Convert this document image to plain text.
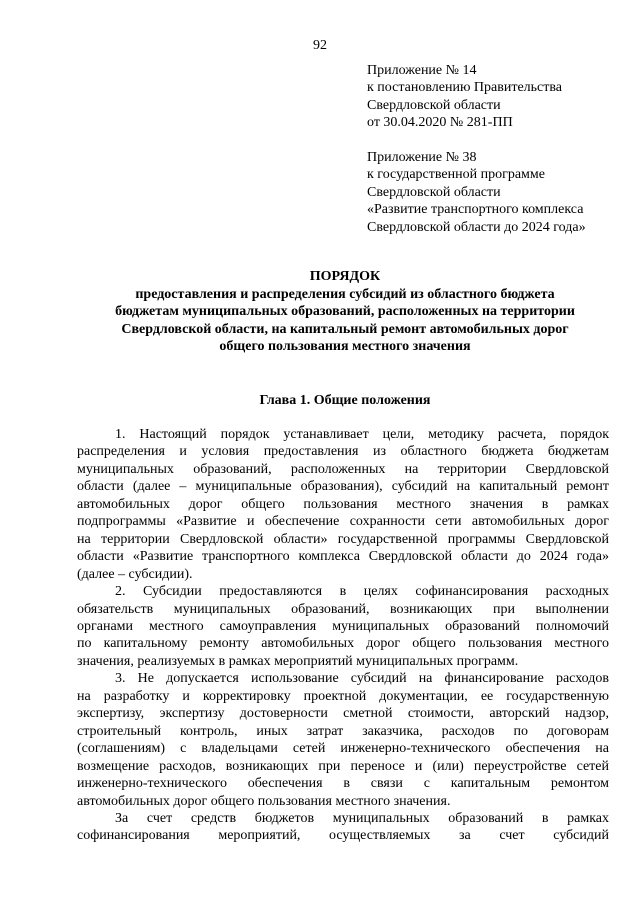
92
Приложение № 14
к постановлению Правительства
Свердловской области
от 30.04.2020 № 281-ПП
Приложение № 38
к государственной программе
Свердловской области
«Развитие транспортного комплекса
Свердловской области до 2024 года»
ПОРЯДОК
предоставления и распределения субсидий из областного бюджета
бюджетам муниципальных образований, расположенных на территории
Свердловской области, на капитальный ремонт автомобильных дорог
общего пользования местного значения
Глава 1. Общие положения
1. Настоящий порядок устанавливает цели, методику расчета, порядок
распределения и условия предоставления из областного бюджета бюджетам
муниципальных образований, расположенных на территории Свердловской
области (далее – муниципальные образования), субсидий на капитальный ремонт
автомобильных дорог общего пользования местного значения в рамках
подпрограммы «Развитие и обеспечение сохранности сети автомобильных дорог
на территории Свердловской области» государственной программы Свердловской
области «Развитие транспортного комплекса Свердловской области до 2024 года»
(далее – субсидии).
2. Субсидии предоставляются в целях софинансирования расходных
обязательств муниципальных образований, возникающих при выполнении
органами местного самоуправления муниципальных образований полномочий
по капитальному ремонту автомобильных дорог общего пользования местного
значения, реализуемых в рамках мероприятий муниципальных программ.
3. Не допускается использование субсидий на финансирование расходов
на разработку и корректировку проектной документации, ее государственную
экспертизу, экспертизу достоверности сметной стоимости, авторский надзор,
строительный контроль, иных затрат заказчика, расходов по договорам
(соглашениям) с владельцами сетей инженерно-технического обеспечения на
возмещение расходов, возникающих при переносе и (или) переустройстве сетей
инженерно-технического обеспечения в связи с капитальным ремонтом
автомобильных дорог общего пользования местного значения.
За счет средств бюджетов муниципальных образований в рамках
софинансирования мероприятий, осуществляемых за счет субсидий
